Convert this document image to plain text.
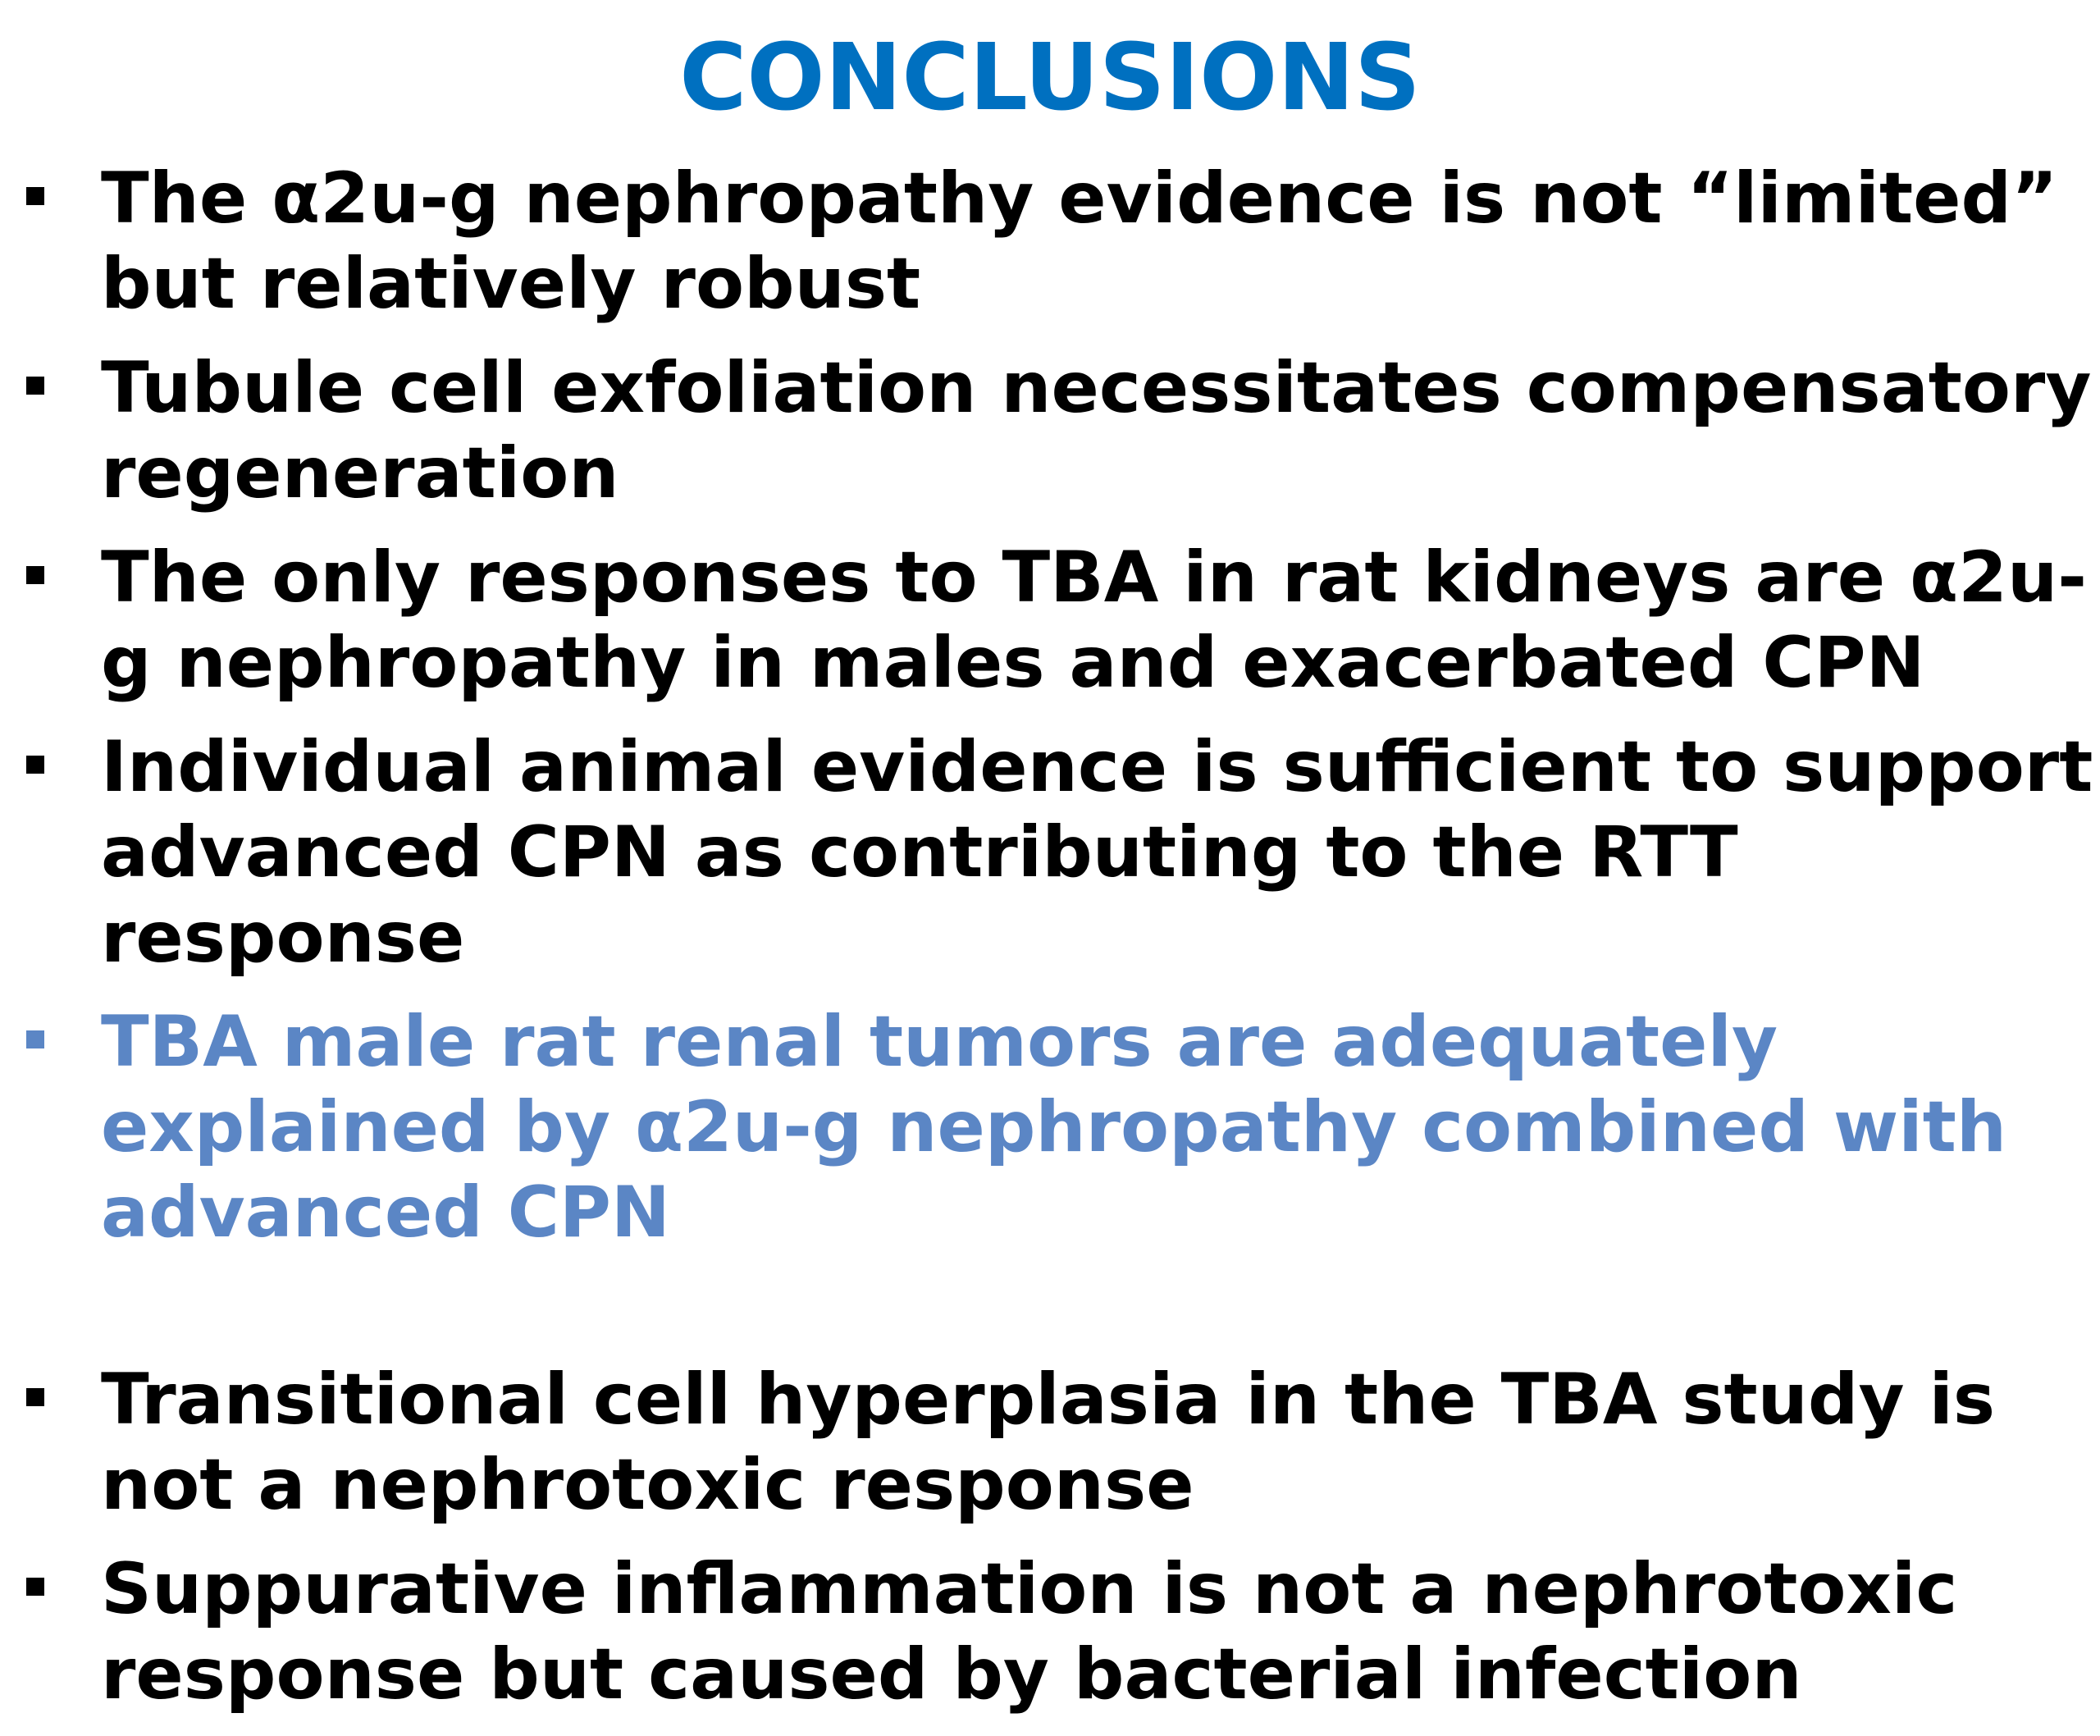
CONCLUSIONS
The α2u-g nephropathy evidence is not “limited” but relatively robust
Tubule cell exfoliation necessitates compensatory regeneration
The only responses to TBA in rat kidneys are α2u-g nephropathy in males and exacerbated CPN
Individual animal evidence is sufficient to support advanced CPN as contributing to the RTT response
TBA male rat renal tumors are adequately explained by α2u-g nephropathy combined with advanced CPN
Transitional cell hyperplasia in the TBA study is not a nephrotoxic response
Suppurative inflammation is not a nephrotoxic response but caused by bacterial infection
